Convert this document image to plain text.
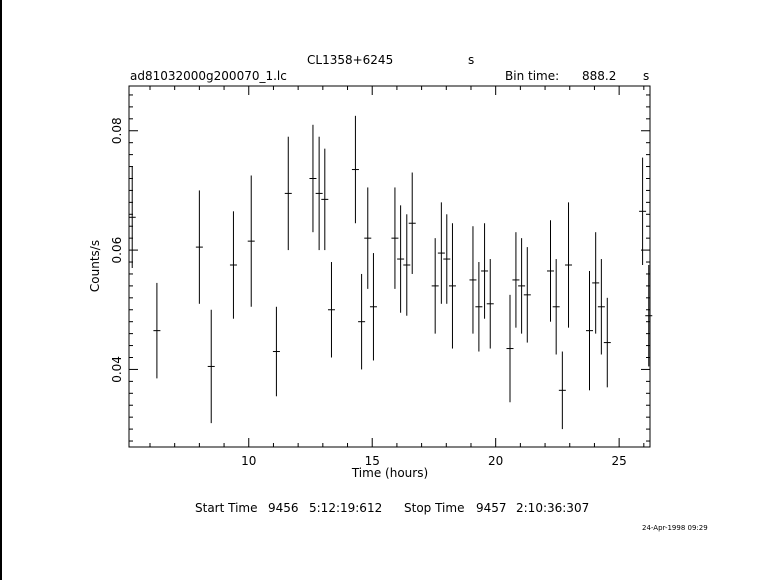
CL1358+6245	s
ad81032000g200070_1.lc	Bin time: 888.2 s
10	15	20	25
0.04
0.06
0.08
Time (hours)
Counts/s
Start Time 9456 5:12:19:612 Stop Time 9457 2:10:36:307
24-Apr-1998 09:29
